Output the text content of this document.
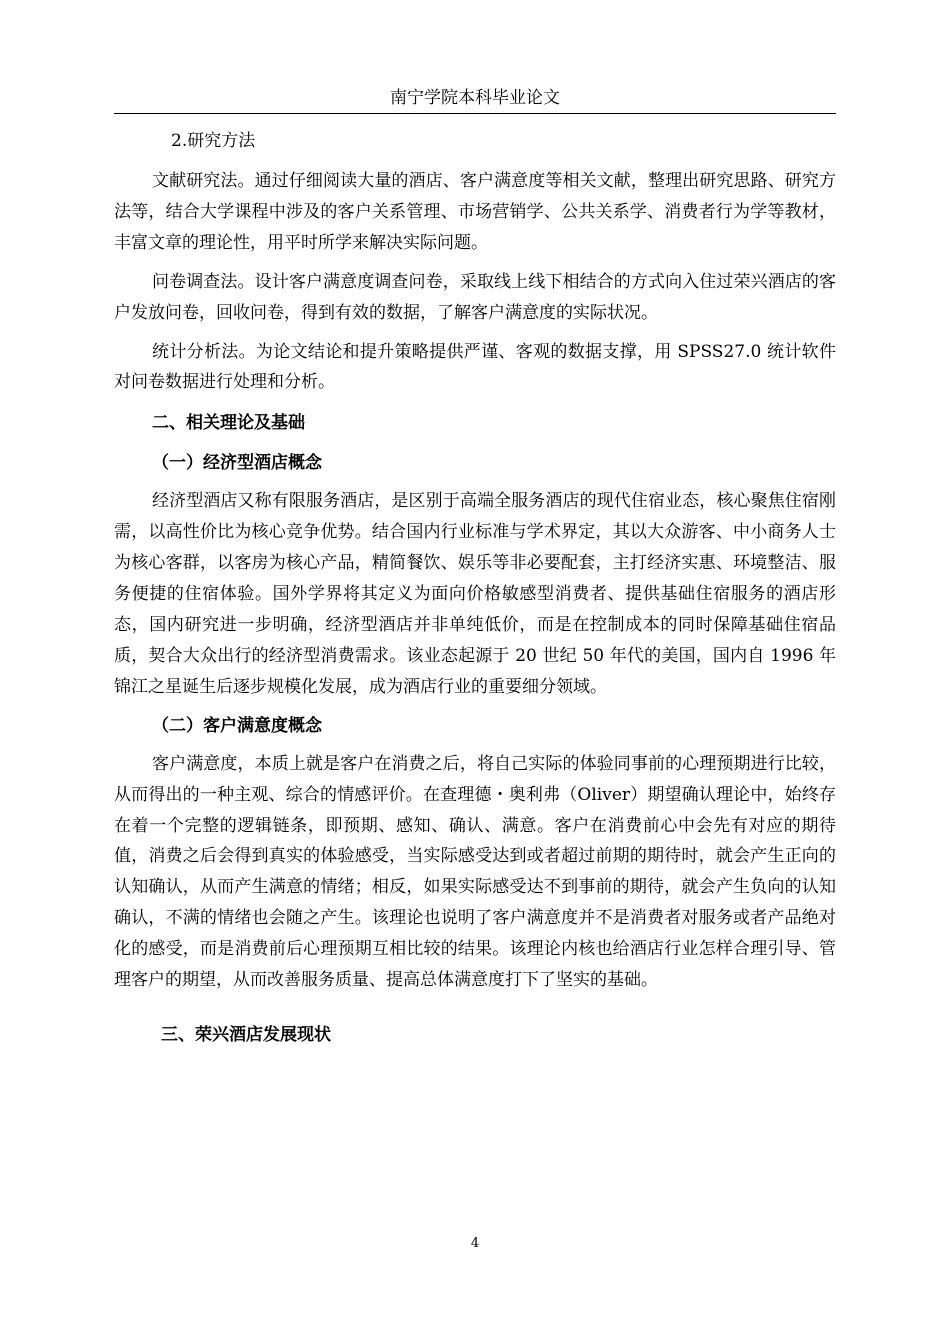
南宁学院本科毕业论文

2.研究方法

文献研究法。通过仔细阅读大量的酒店、客户满意度等相关文献，整理出研究思路、研究方法等，结合大学课程中涉及的客户关系管理、市场营销学、公共关系学、消费者行为学等教材，丰富文章的理论性，用平时所学来解决实际问题。

问卷调查法。设计客户满意度调查问卷，采取线上线下相结合的方式向入住过荣兴酒店的客户发放问卷，回收问卷，得到有效的数据，了解客户满意度的实际状况。

统计分析法。为论文结论和提升策略提供严谨、客观的数据支撑，用 SPSS27.0 统计软件对问卷数据进行处理和分析。

二、相关理论及基础

（一）经济型酒店概念

经济型酒店又称有限服务酒店，是区别于高端全服务酒店的现代住宿业态，核心聚焦住宿刚需，以高性价比为核心竞争优势。结合国内行业标准与学术界定，其以大众游客、中小商务人士为核心客群，以客房为核心产品，精简餐饮、娱乐等非必要配套，主打经济实惠、环境整洁、服务便捷的住宿体验。国外学界将其定义为面向价格敏感型消费者、提供基础住宿服务的酒店形态，国内研究进一步明确，经济型酒店并非单纯低价，而是在控制成本的同时保障基础住宿品质，契合大众出行的经济型消费需求。该业态起源于 20 世纪 50 年代的美国，国内自 1996 年锦江之星诞生后逐步规模化发展，成为酒店行业的重要细分领域。

（二）客户满意度概念

客户满意度，本质上就是客户在消费之后，将自己实际的体验同事前的心理预期进行比较，从而得出的一种主观、综合的情感评价。在查理德・奥利弗（Oliver）期望确认理论中，始终存在着一个完整的逻辑链条，即预期、感知、确认、满意。客户在消费前心中会先有对应的期待值，消费之后会得到真实的体验感受，当实际感受达到或者超过前期的期待时，就会产生正向的认知确认，从而产生满意的情绪；相反，如果实际感受达不到事前的期待，就会产生负向的认知确认，不满的情绪也会随之产生。该理论也说明了客户满意度并不是消费者对服务或者产品绝对化的感受，而是消费前后心理预期互相比较的结果。该理论内核也给酒店行业怎样合理引导、管理客户的期望，从而改善服务质量、提高总体满意度打下了坚实的基础。

三、荣兴酒店发展现状

4
